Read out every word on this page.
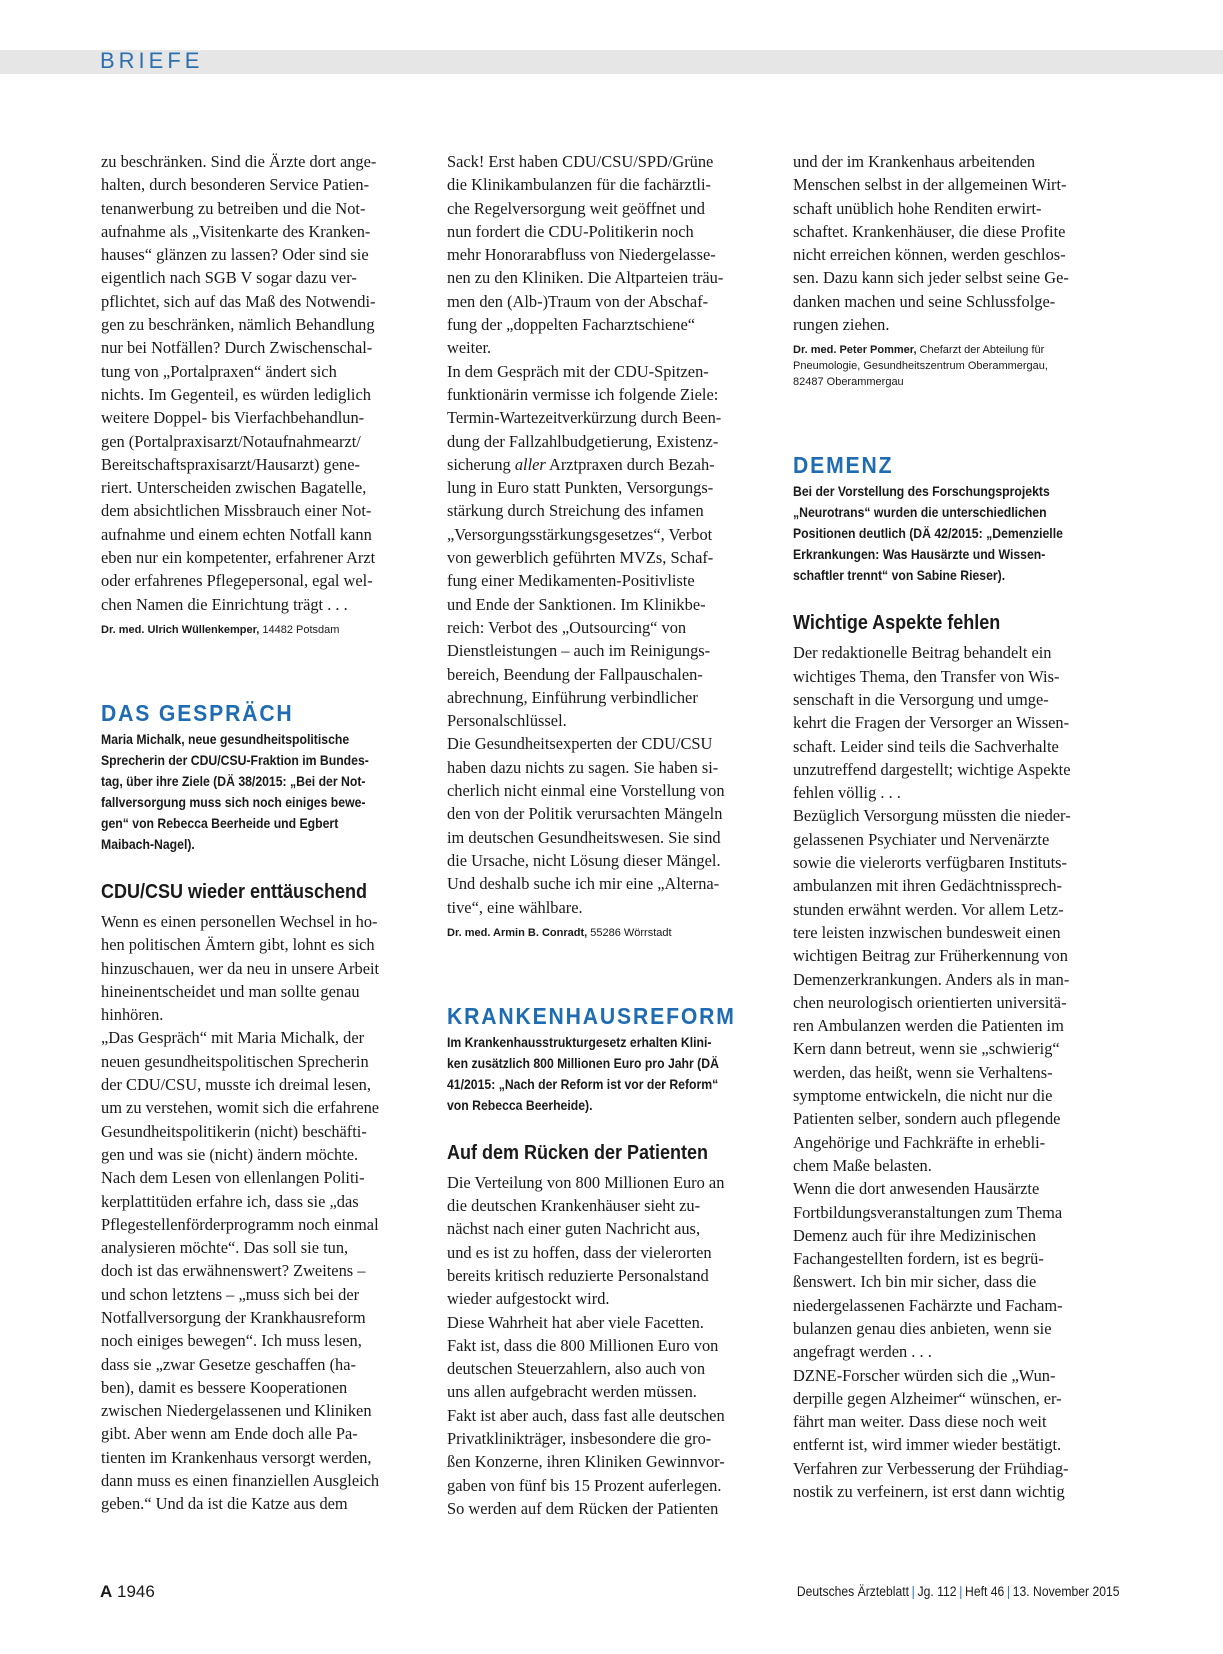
BRIEFE

zu beschränken. Sind die Ärzte dort ange-
halten, durch besonderen Service Patien-
tenanwerbung zu betreiben und die Not-
aufnahme als „Visitenkarte des Kranken-
hauses“ glänzen zu lassen? Oder sind sie
eigentlich nach SGB V sogar dazu ver-
pflichtet, sich auf das Maß des Notwendi-
gen zu beschränken, nämlich Behandlung
nur bei Notfällen? Durch Zwischenschal-
tung von „Portalpraxen“ ändert sich
nichts. Im Gegenteil, es würden lediglich
weitere Doppel- bis Vierfachbehandlun-
gen (Portalpraxisarzt/Notaufnahmearzt/
Bereitschaftspraxisarzt/Hausarzt) gene-
riert. Unterscheiden zwischen Bagatelle,
dem absichtlichen Missbrauch einer Not-
aufnahme und einem echten Notfall kann
eben nur ein kompetenter, erfahrener Arzt
oder erfahrenes Pflegepersonal, egal wel-
chen Namen die Einrichtung trägt . . .

Dr. med. Ulrich Wüllenkemper, 14482 Potsdam

DAS GESPRÄCH

Maria Michalk, neue gesundheitspolitische
Sprecherin der CDU/CSU-Fraktion im Bundes-
tag, über ihre Ziele (DÄ 38/2015: „Bei der Not-
fallversorgung muss sich noch einiges bewe-
gen“ von Rebecca Beerheide und Egbert
Maibach-Nagel).

CDU/CSU wieder enttäuschend

Wenn es einen personellen Wechsel in ho-
hen politischen Ämtern gibt, lohnt es sich
hinzuschauen, wer da neu in unsere Arbeit
hineinentscheidet und man sollte genau
hinhören.
„Das Gespräch“ mit Maria Michalk, der
neuen gesundheitspolitischen Sprecherin
der CDU/CSU, musste ich dreimal lesen,
um zu verstehen, womit sich die erfahrene
Gesundheitspolitikerin (nicht) beschäfti-
gen und was sie (nicht) ändern möchte.
Nach dem Lesen von ellenlangen Politi-
kerplattitüden erfahre ich, dass sie „das
Pflegestellenförderprogramm noch einmal
analysieren möchte“. Das soll sie tun,
doch ist das erwähnenswert? Zweitens –
und schon letztens – „muss sich bei der
Notfallversorgung der Krankhausreform
noch einiges bewegen“. Ich muss lesen,
dass sie „zwar Gesetze geschaffen (ha-
ben), damit es bessere Kooperationen
zwischen Niedergelassenen und Kliniken
gibt. Aber wenn am Ende doch alle Pa-
tienten im Krankenhaus versorgt werden,
dann muss es einen finanziellen Ausgleich
geben.“ Und da ist die Katze aus dem

Sack! Erst haben CDU/CSU/SPD/Grüne
die Klinikambulanzen für die fachärztli-
che Regelversorgung weit geöffnet und
nun fordert die CDU-Politikerin noch
mehr Honorarabfluss von Niedergelasse-
nen zu den Kliniken. Die Altparteien träu-
men den (Alb-)Traum von der Abschaf-
fung der „doppelten Facharztschiene“
weiter.
In dem Gespräch mit der CDU-Spitzen-
funktionärin vermisse ich folgende Ziele:
Termin-Wartezeitverkürzung durch Been-
dung der Fallzahlbudgetierung, Existenz-
sicherung aller Arztpraxen durch Bezah-
lung in Euro statt Punkten, Versorgungs-
stärkung durch Streichung des infamen
„Versorgungsstärkungsgesetzes“, Verbot
von gewerblich geführten MVZs, Schaf-
fung einer Medikamenten-Positivliste
und Ende der Sanktionen. Im Klinikbe-
reich: Verbot des „Outsourcing“ von
Dienstleistungen – auch im Reinigungs-
bereich, Beendung der Fallpauschalen-
abrechnung, Einführung verbindlicher
Personalschlüssel.
Die Gesundheitsexperten der CDU/CSU
haben dazu nichts zu sagen. Sie haben si-
cherlich nicht einmal eine Vorstellung von
den von der Politik verursachten Mängeln
im deutschen Gesundheitswesen. Sie sind
die Ursache, nicht Lösung dieser Mängel.
Und deshalb suche ich mir eine „Alterna-
tive“, eine wählbare.

Dr. med. Armin B. Conradt, 55286 Wörrstadt

KRANKENHAUSREFORM

Im Krankenhausstrukturgesetz erhalten Klini-
ken zusätzlich 800 Millionen Euro pro Jahr (DÄ
41/2015: „Nach der Reform ist vor der Reform“
von Rebecca Beerheide).

Auf dem Rücken der Patienten

Die Verteilung von 800 Millionen Euro an
die deutschen Krankenhäuser sieht zu-
nächst nach einer guten Nachricht aus,
und es ist zu hoffen, dass der vielerorten
bereits kritisch reduzierte Personalstand
wieder aufgestockt wird.
Diese Wahrheit hat aber viele Facetten.
Fakt ist, dass die 800 Millionen Euro von
deutschen Steuerzahlern, also auch von
uns allen aufgebracht werden müssen.
Fakt ist aber auch, dass fast alle deutschen
Privatklinikträger, insbesondere die gro-
ßen Konzerne, ihren Kliniken Gewinnvor-
gaben von fünf bis 15 Prozent auferlegen.
So werden auf dem Rücken der Patienten

und der im Krankenhaus arbeitenden
Menschen selbst in der allgemeinen Wirt-
schaft unüblich hohe Renditen erwirt-
schaftet. Krankenhäuser, die diese Profite
nicht erreichen können, werden geschlos-
sen. Dazu kann sich jeder selbst seine Ge-
danken machen und seine Schlussfolge-
rungen ziehen.

Dr. med. Peter Pommer, Chefarzt der Abteilung für
Pneumologie, Gesundheitszentrum Oberammergau,
82487 Oberammergau

DEMENZ

Bei der Vorstellung des Forschungsprojekts
„Neurotrans“ wurden die unterschiedlichen
Positionen deutlich (DÄ 42/2015: „Demenzielle
Erkrankungen: Was Hausärzte und Wissen-
schaftler trennt“ von Sabine Rieser).

Wichtige Aspekte fehlen

Der redaktionelle Beitrag behandelt ein
wichtiges Thema, den Transfer von Wis-
senschaft in die Versorgung und umge-
kehrt die Fragen der Versorger an Wissen-
schaft. Leider sind teils die Sachverhalte
unzutreffend dargestellt; wichtige Aspekte
fehlen völlig . . .
Bezüglich Versorgung müssten die nieder-
gelassenen Psychiater und Nervenärzte
sowie die vielerorts verfügbaren Instituts-
ambulanzen mit ihren Gedächtnissprech-
stunden erwähnt werden. Vor allem Letz-
tere leisten inzwischen bundesweit einen
wichtigen Beitrag zur Früherkennung von
Demenzerkrankungen. Anders als in man-
chen neurologisch orientierten universitä-
ren Ambulanzen werden die Patienten im
Kern dann betreut, wenn sie „schwierig“
werden, das heißt, wenn sie Verhaltens-
symptome entwickeln, die nicht nur die
Patienten selber, sondern auch pflegende
Angehörige und Fachkräfte in erhebli-
chem Maße belasten.
Wenn die dort anwesenden Hausärzte
Fortbildungsveranstaltungen zum Thema
Demenz auch für ihre Medizinischen
Fachangestellten fordern, ist es begrü-
ßenswert. Ich bin mir sicher, dass die
niedergelassenen Fachärzte und Facham-
bulanzen genau dies anbieten, wenn sie
angefragt werden . . .
DZNE-Forscher würden sich die „Wun-
derpille gegen Alzheimer“ wünschen, er-
fährt man weiter. Dass diese noch weit
entfernt ist, wird immer wieder bestätigt.
Verfahren zur Verbesserung der Frühdiag-
nostik zu verfeinern, ist erst dann wichtig

A 1946	Deutsches Ärzteblatt | Jg. 112 | Heft 46 | 13. November 2015
